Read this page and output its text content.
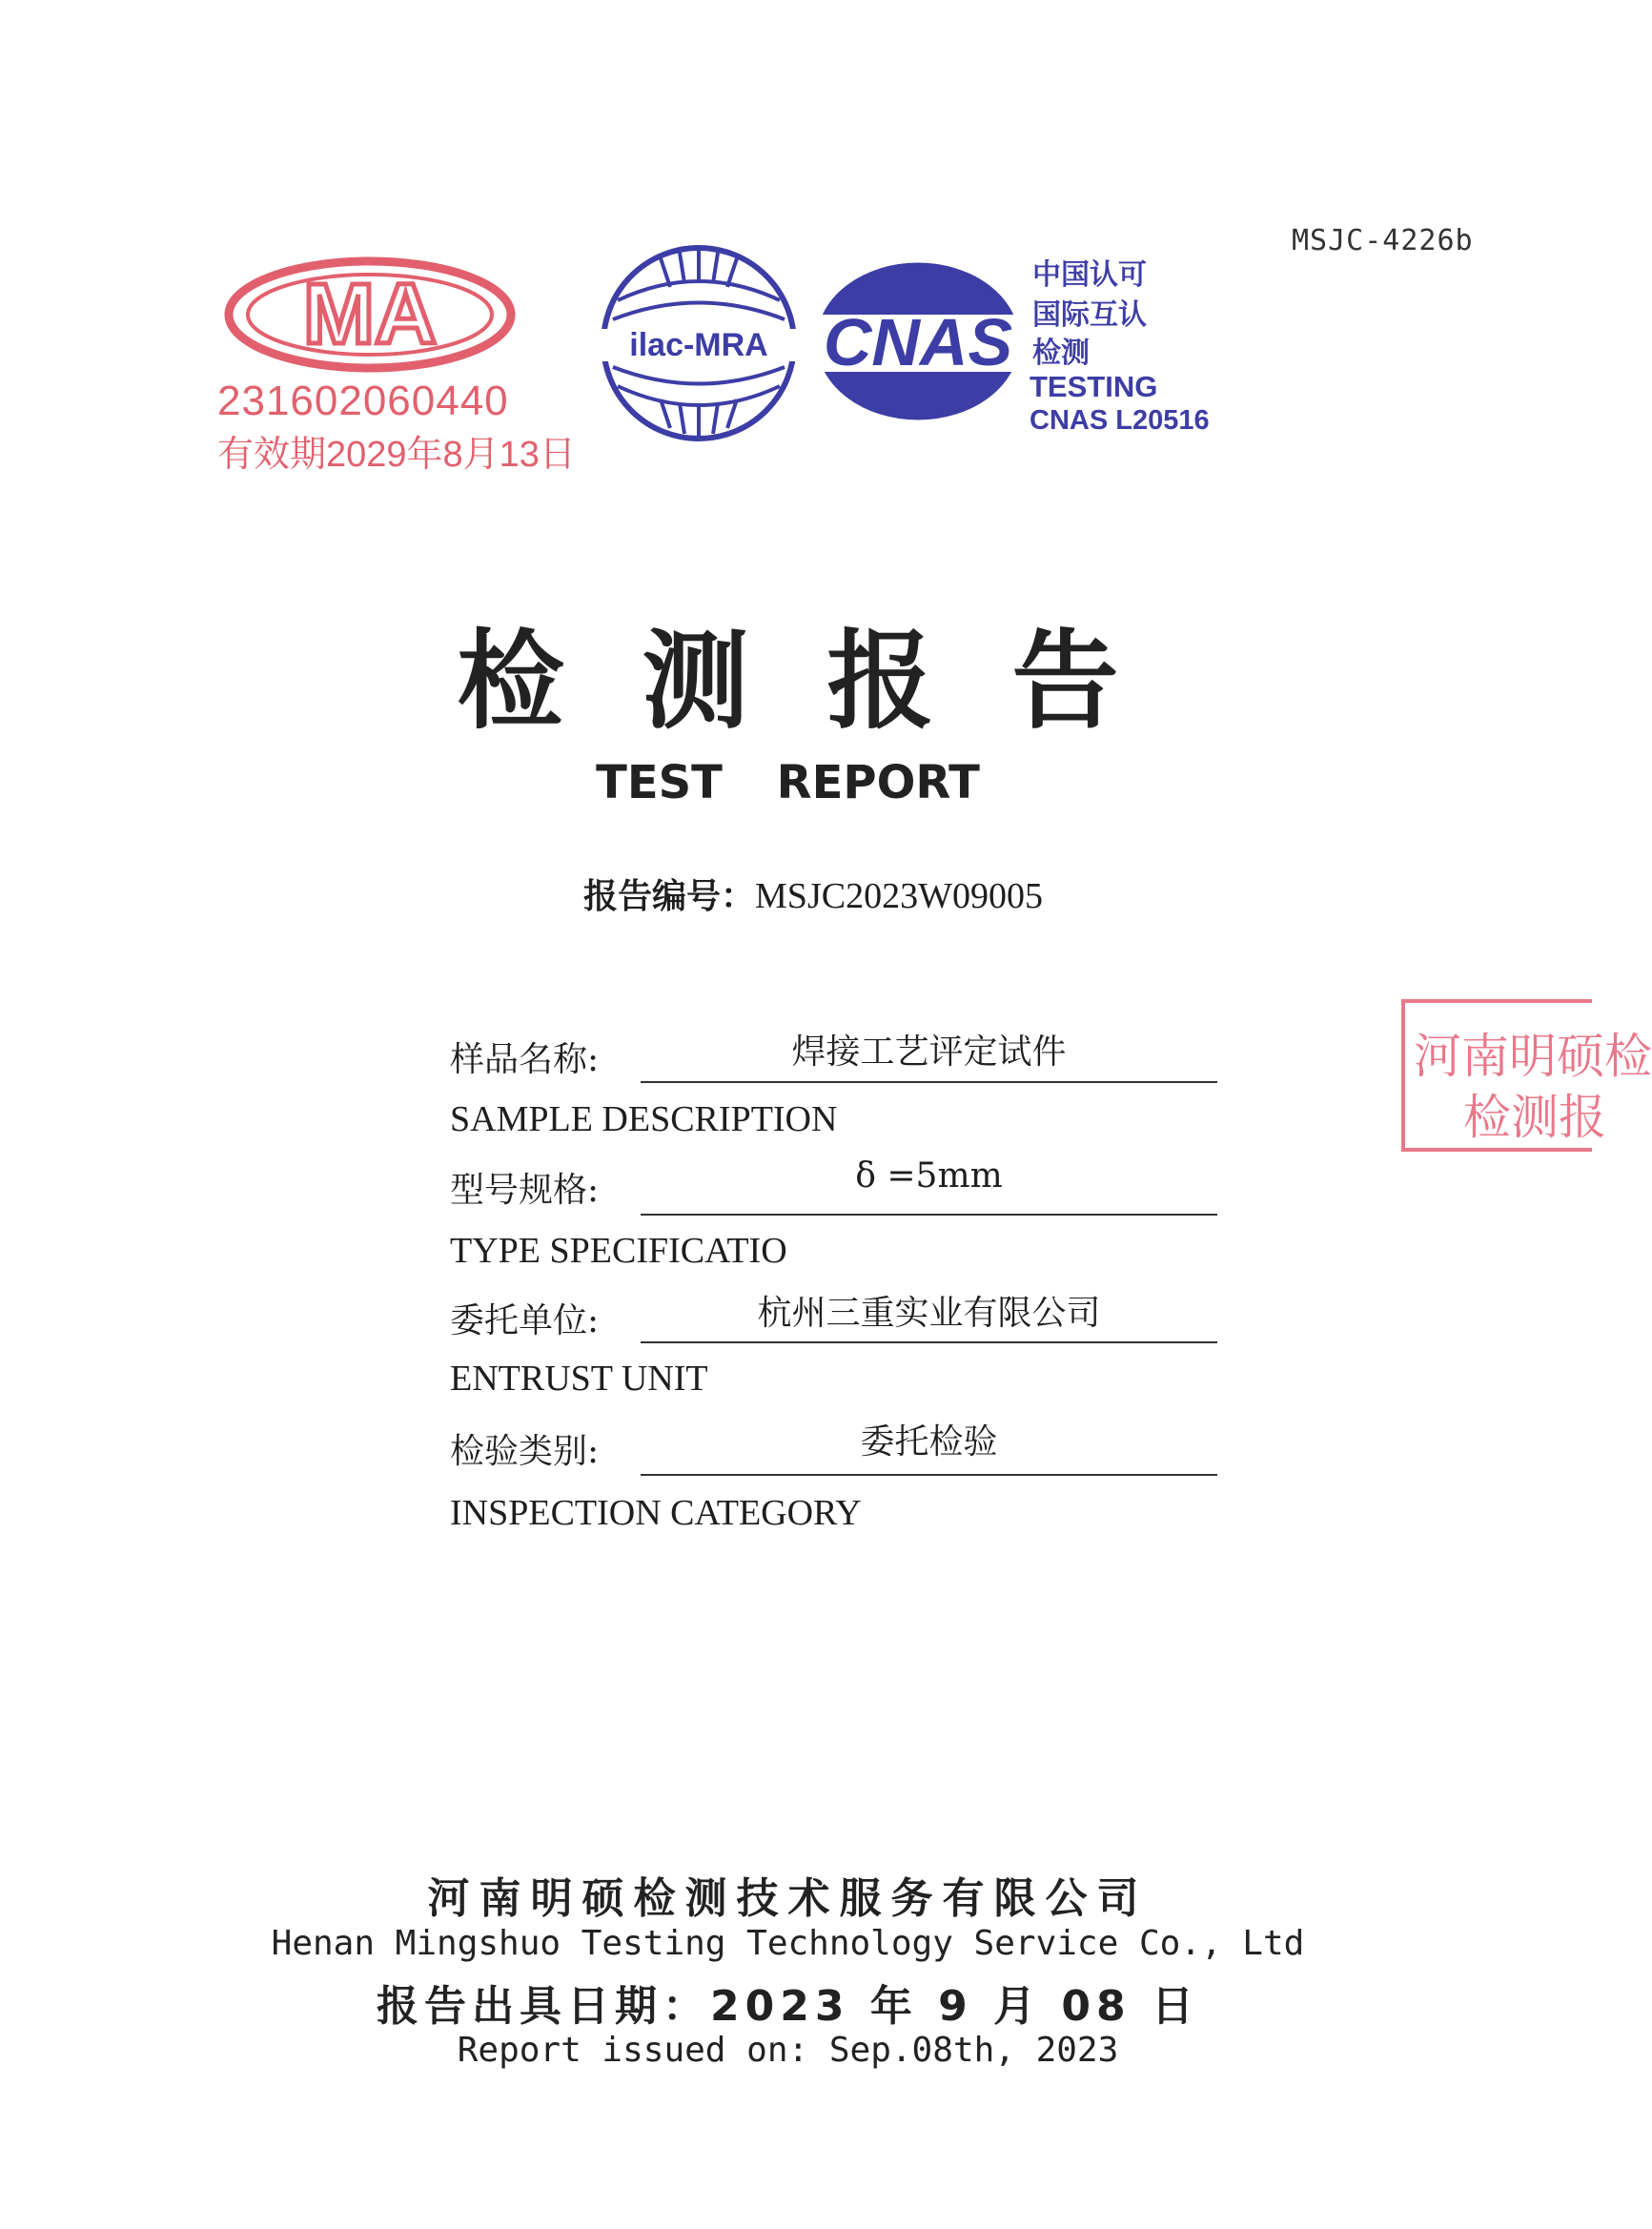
MSJC-4226b
MA
231602060440
有效期2029年8月13日
ilac-MRA CNAS
中国认可
国际互认
检测
TESTING
CNAS L20516
检测报告
TEST REPORT
报告编号：MSJC2023W09005
样品名称:	焊接工艺评定试件
SAMPLE DESCRIPTION
型号规格:	δ =5mm
TYPE SPECIFICATIO
委托单位:	杭州三重实业有限公司
ENTRUST UNIT
检验类别:	委托检验
INSPECTION CATEGORY
河南明硕检
检测报
河南明硕检测技术服务有限公司
Henan Mingshuo Testing Technology Service Co., Ltd
报告出具日期：2023 年 9 月 08 日
Report issued on: Sep.08th, 2023
